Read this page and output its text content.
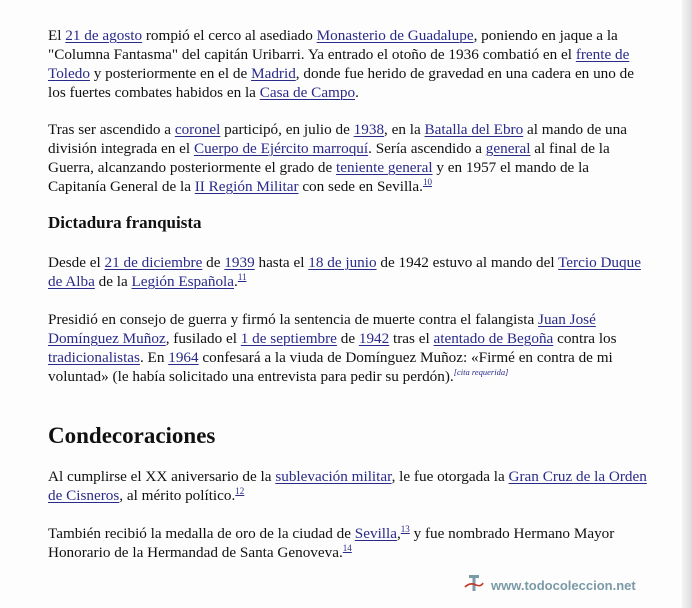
El 21 de agosto rompió el cerco al asediado Monasterio de Guadalupe, poniendo en jaque a la "Columna Fantasma" del capitán Uribarri. Ya entrado el otoño de 1936 combatió en el frente de Toledo y posteriormente en el de Madrid, donde fue herido de gravedad en una cadera en uno de los fuertes combates habidos en la Casa de Campo.

Tras ser ascendido a coronel participó, en julio de 1938, en la Batalla del Ebro al mando de una división integrada en el Cuerpo de Ejército marroquí. Sería ascendido a general al final de la Guerra, alcanzando posteriormente el grado de teniente general y en 1957 el mando de la Capitanía General de la II Región Militar con sede en Sevilla.$^{10}$

Dictadura franquista

Desde el 21 de diciembre de 1939 hasta el 18 de junio de 1942 estuvo al mando del Tercio Duque de Alba de la Legión Española.$^{11}$

Presidió en consejo de guerra y firmó la sentencia de muerte contra el falangista Juan José Domínguez Muñoz, fusilado el 1 de septiembre de 1942 tras el atentado de Begoña contra los tradicionalistas. En 1964 confesará a la viuda de Domínguez Muñoz: «Firmé en contra de mi voluntad» (le había solicitado una entrevista para pedir su perdón).[cita requerida]

Condecoraciones

Al cumplirse el XX aniversario de la sublevación militar, le fue otorgada la Gran Cruz de la Orden de Cisneros, al mérito político.$^{12}$

También recibió la medalla de oro de la ciudad de Sevilla,$^{13}$ y fue nombrado Hermano Mayor Honorario de la Hermandad de Santa Genoveva.$^{14}$

www.todocoleccion.net
